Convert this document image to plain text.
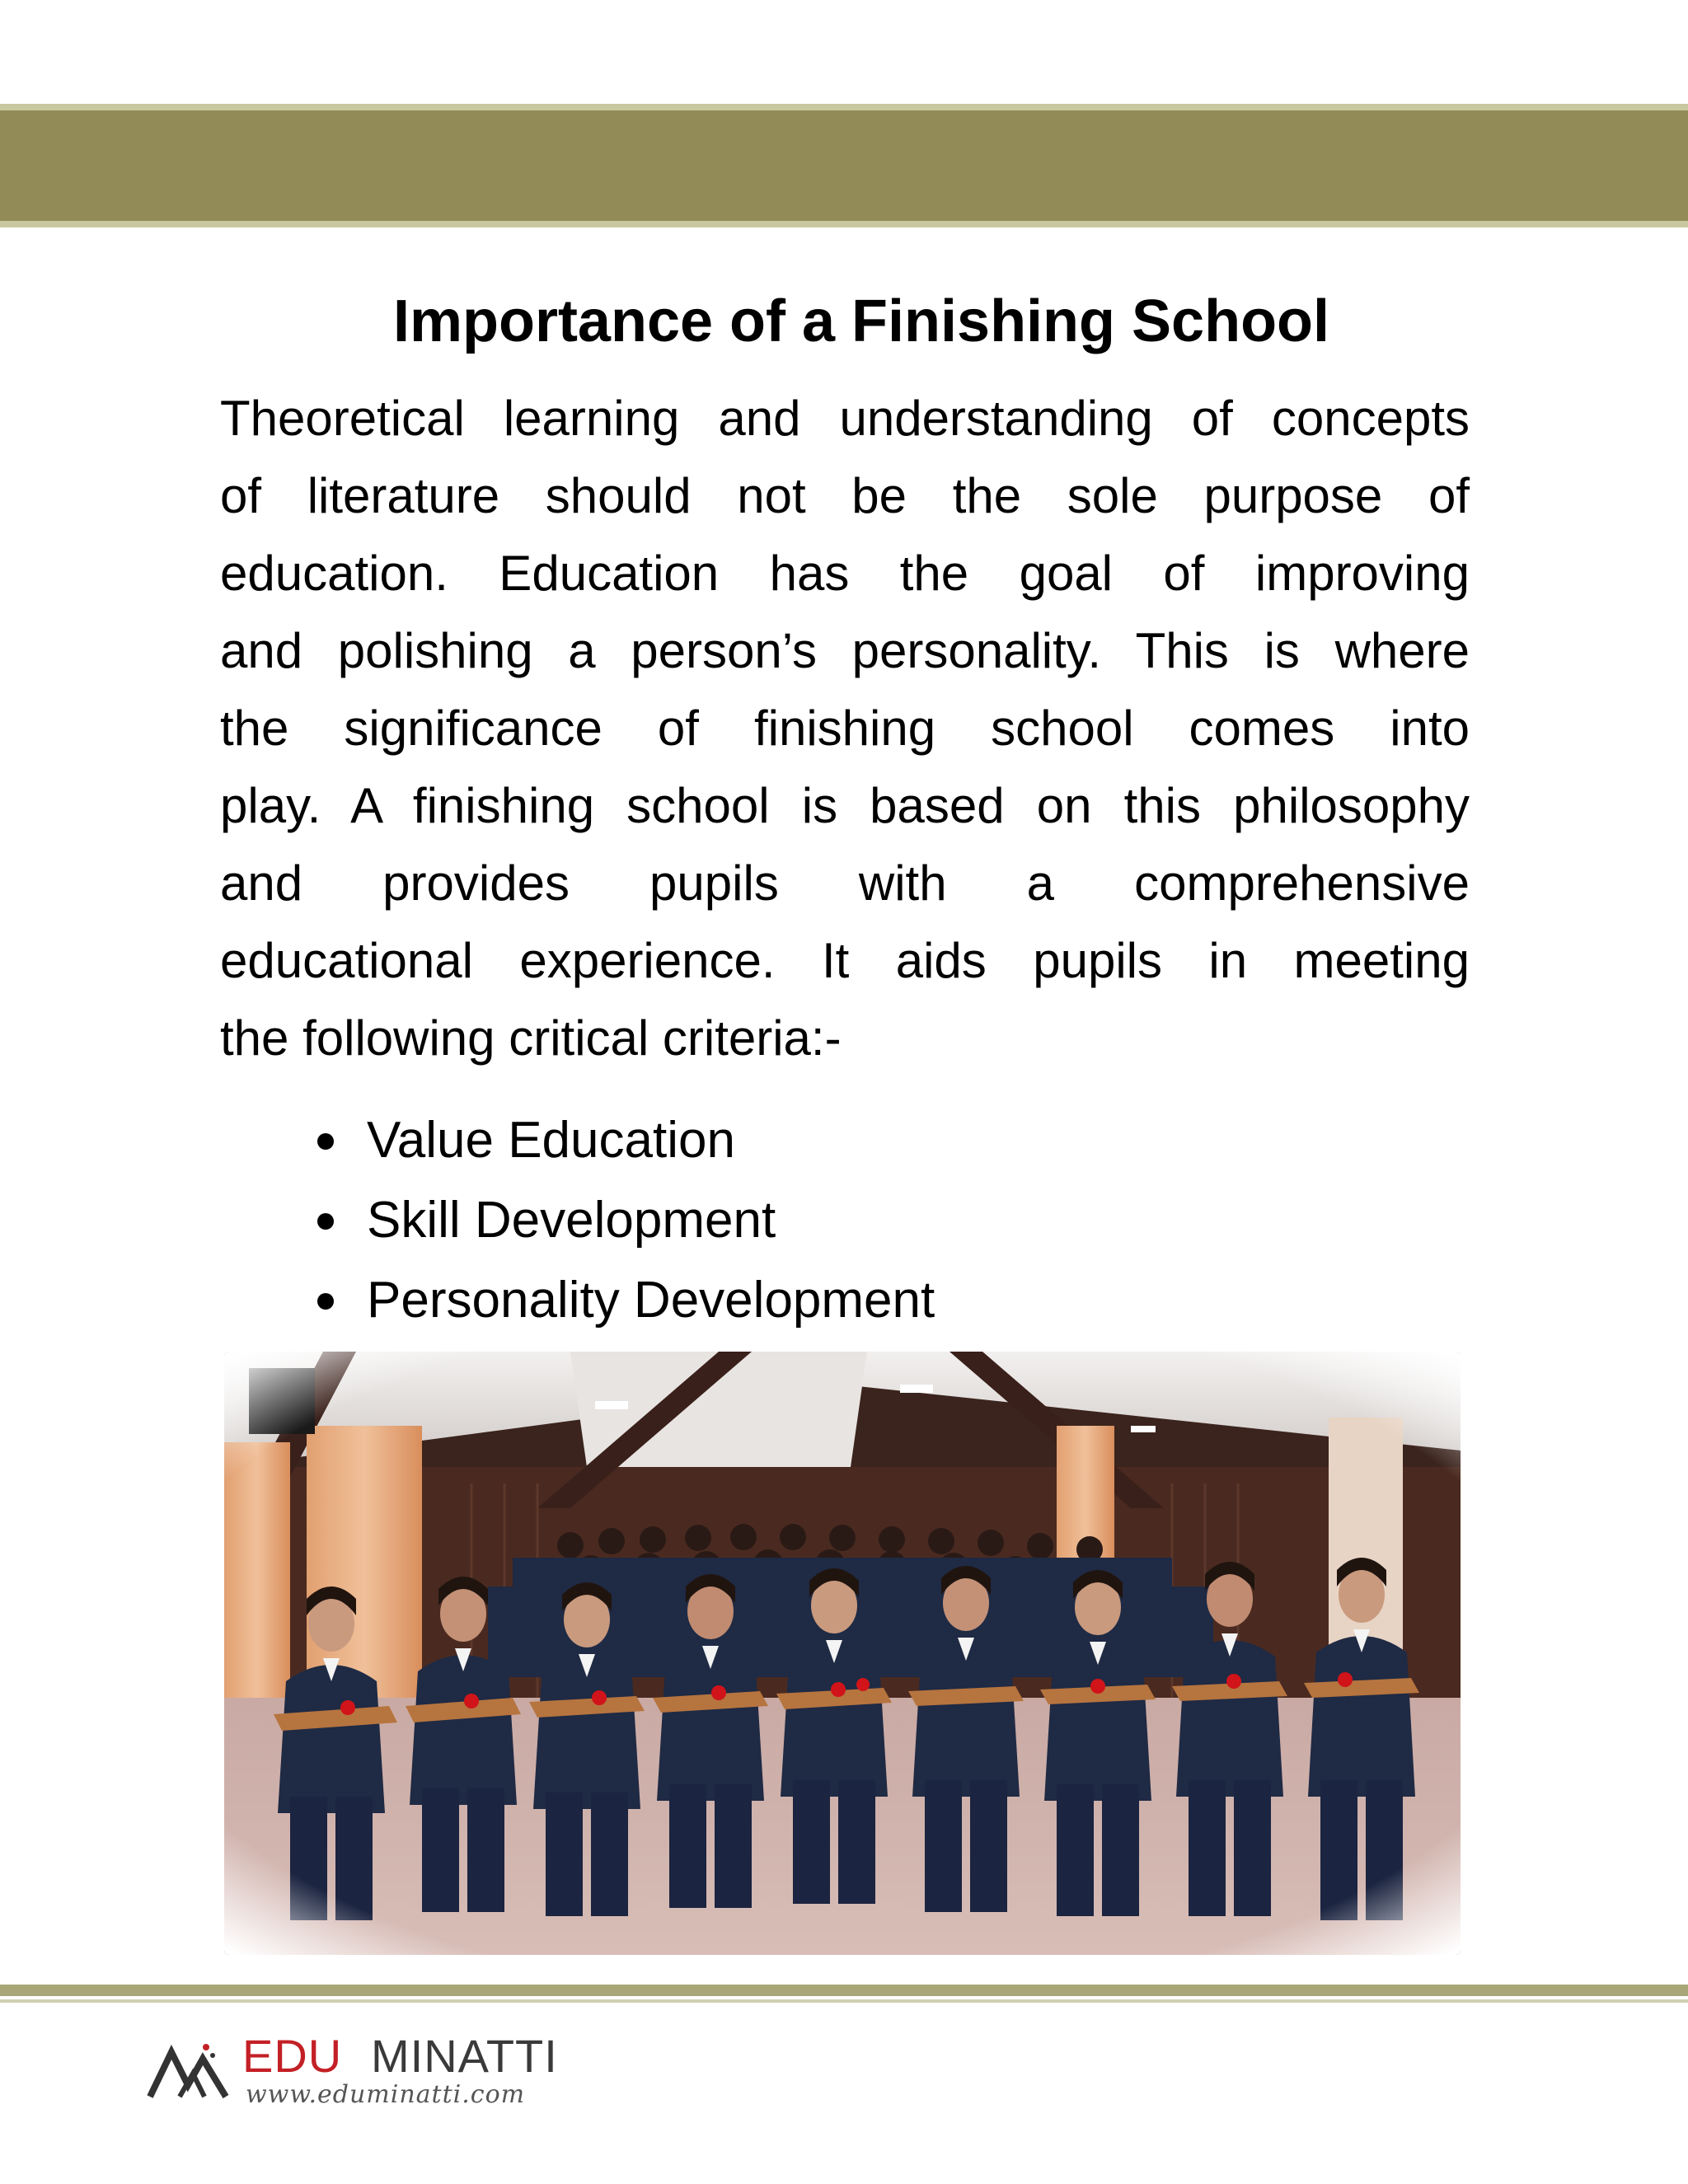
Importance of a Finishing School
Theoretical learning and understanding of concepts
of literature should not be the sole purpose of
education. Education has the goal of improving
and polishing a person’s personality. This is where
the significance of finishing school comes into
play. A finishing school is based on this philosophy
and provides pupils with a comprehensive
educational experience. It aids pupils in meeting
the following critical criteria:-
Value Education
Skill Development
Personality Development
EDU MINATTI
www.eduminatti.com
